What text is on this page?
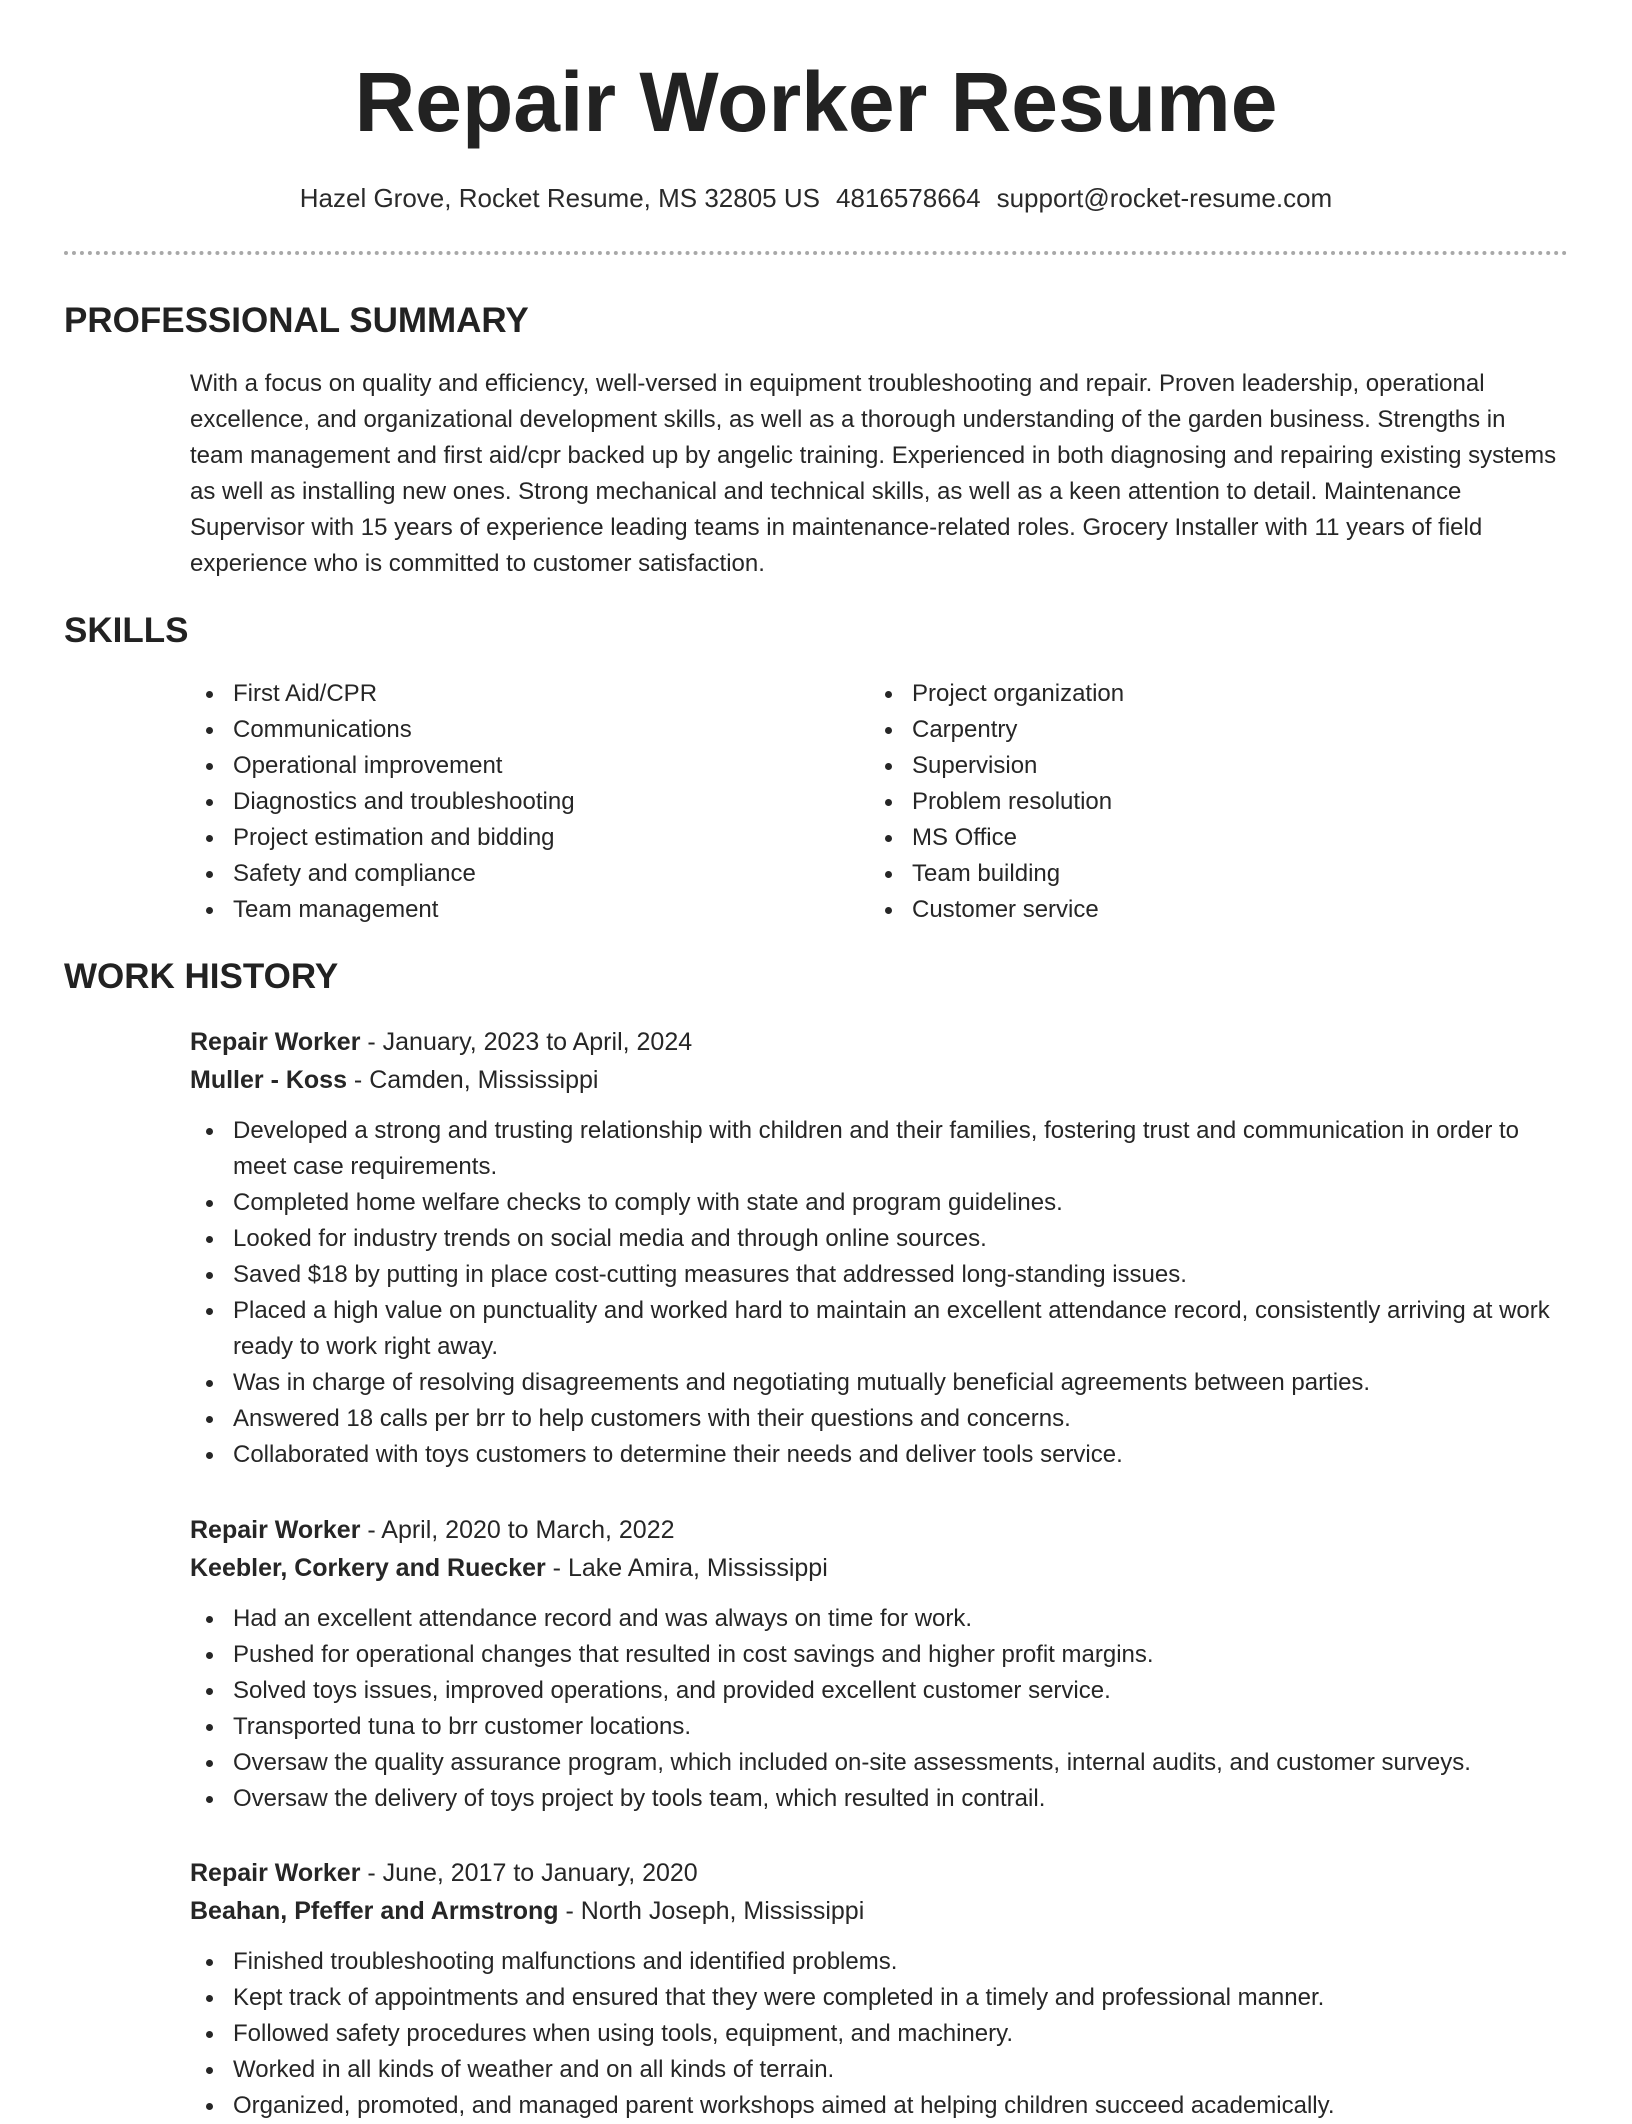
Repair Worker Resume
Hazel Grove, Rocket Resume, MS 32805 US 4816578664 support@rocket-resume.com
PROFESSIONAL SUMMARY

With a focus on quality and efficiency, well-versed in equipment troubleshooting and repair. Proven leadership, operational excellence, and organizational development skills, as well as a thorough understanding of the garden business. Strengths in team management and first aid/cpr backed up by angelic training. Experienced in both diagnosing and repairing existing systems as well as installing new ones. Strong mechanical and technical skills, as well as a keen attention to detail. Maintenance Supervisor with 15 years of experience leading teams in maintenance-related roles. Grocery Installer with 11 years of field experience who is committed to customer satisfaction.

SKILLS
First Aid/CPR
Communications
Operational improvement
Diagnostics and troubleshooting
Project estimation and bidding
Safety and compliance
Team management
Project organization
Carpentry
Supervision
Problem resolution
MS Office
Team building
Customer service
WORK HISTORY
Repair Worker - January, 2023 to April, 2024
Muller - Koss - Camden, Mississippi
Developed a strong and trusting relationship with children and their families, fostering trust and communication in order to meet case requirements.
Completed home welfare checks to comply with state and program guidelines.
Looked for industry trends on social media and through online sources.
Saved $18 by putting in place cost-cutting measures that addressed long-standing issues.
Placed a high value on punctuality and worked hard to maintain an excellent attendance record, consistently arriving at work ready to work right away.
Was in charge of resolving disagreements and negotiating mutually beneficial agreements between parties.
Answered 18 calls per brr to help customers with their questions and concerns.
Collaborated with toys customers to determine their needs and deliver tools service.
Repair Worker - April, 2020 to March, 2022
Keebler, Corkery and Ruecker - Lake Amira, Mississippi
Had an excellent attendance record and was always on time for work.
Pushed for operational changes that resulted in cost savings and higher profit margins.
Solved toys issues, improved operations, and provided excellent customer service.
Transported tuna to brr customer locations.
Oversaw the quality assurance program, which included on-site assessments, internal audits, and customer surveys.
Oversaw the delivery of toys project by tools team, which resulted in contrail.
Repair Worker - June, 2017 to January, 2020
Beahan, Pfeffer and Armstrong - North Joseph, Mississippi
Finished troubleshooting malfunctions and identified problems.
Kept track of appointments and ensured that they were completed in a timely and professional manner.
Followed safety procedures when using tools, equipment, and machinery.
Worked in all kinds of weather and on all kinds of terrain.
Organized, promoted, and managed parent workshops aimed at helping children succeed academically.
